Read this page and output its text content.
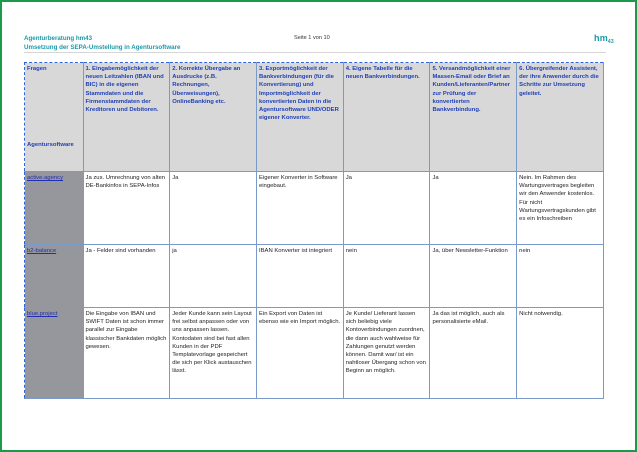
Agenturberatung hm43
Umsetzung der SEPA-Umstellung in Agentursoftware
Seite 1 von 10	$hm_{43}$
Fragen
Agentursoftware	1. Eingabemöglichkeit der neuen Leitzahlen (IBAN und BIC) in die eigenen Stammdaten und die Firmenstammdaten der Kreditoren und Debitoren.	2. Korrekte Übergabe an Ausdrucke (z.B. Rechnungen, Überweisungen), OnlineBanking etc.	3. Exportmöglichkeit der Bankverbindungen (für die Konvertierung) und Importmöglichkeit der konvertierten Daten in die Agentursoftware UND/ODER eigener Konverter.	4. Eigene Tabelle für die neuen Bankverbindungen.	5. Versandmöglichkeit einer Massen-Email oder Brief an Kunden/Lieferanten/Partner zur Prüfung der konvertierten Bankverbindung.	6. Übergreifender Assistent, der ihre Anwender durch die Schritte zur Umsetzung geleitet.
active.agency	Ja zus. Umrechnung von alten DE-Bankinfos in SEPA-Infos	Ja	Eigener Konverter in Software eingebaut.	Ja	Ja	Nein. Im Rahmen des Wartungsvertrages begleiten wir den Anwender kostenlos. Für nicht Wartungsvertragskunden gibt es ein Infoschreiben
b2-balance	Ja - Felder sind vorhanden	ja	IBAN Konverter ist integriert	nein	Ja, über Newsletter-Funktion	nein
blue.project	Die Eingabe von IBAN und SWIFT Daten ist schon immer parallel zur Eingabe klassischer Bankdaten möglich gewesen.	Jeder Kunde kann sein Layout frei selbst anpassen oder von uns anpassen lassen. Kontodaten sind bei fast allen Kunden in der PDF Templatevorlage gespeichert die sich per Klick austauschen lässt.	Ein Export von Daten ist ebenso wie ein Import möglich.	Je Kunde/ Lieferant lassen sich beliebig viele Kontoverbindungen zuordnen, die dann auch wahlweise für Zahlungen genutzt werden können. Damit war/ ist ein nahtloser Übergang schon von Beginn an möglich.	Ja das ist möglich, auch als personalisierte eMail.	Nicht notwendig.
